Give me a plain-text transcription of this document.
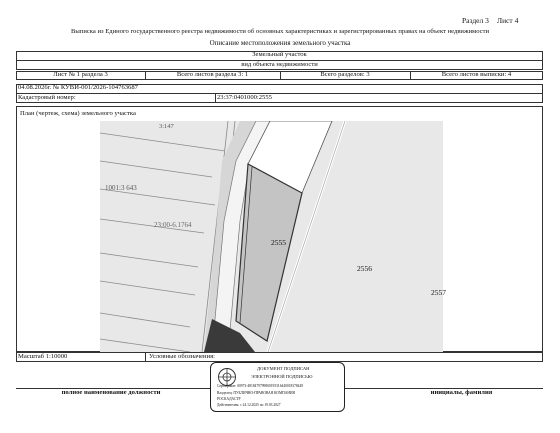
Раздел 3 Лист 4
Выписка из Единого государственного реестра недвижимости об основных характеристиках и зарегистрированных правах на объект недвижимости
Описание местоположения земельного участка
Земельный участок
вид объекта недвижимости
Лист № 1 раздела 3	Всего листов раздела 3: 1	Всего разделов: 3	Всего листов выписки: 4
04.08.2026г. № КУВИ-001/2026-104763687
Кадастровый номер:	23:37:0401000:2555
План (чертеж, схема) земельного участка
3:147
1001:3 643
23:00-6.1764
2555
2556
2557
Масштаб 1:10000	Условные обозначения:
полное наименование должности	инициалы, фамилия
ДОКУМЕНТ ПОДПИСАН
ЭЛЕКТРОННОЙ ПОДПИСЬЮ
Сертификат: 00973-4818479799800195316440018378449
Владелец: ПУБЛИЧНО-ПРАВОВАЯ КОМПАНИЯ
РОСКАДАСТР
Действителен: с 24.12.2025 по 19.03.2027
